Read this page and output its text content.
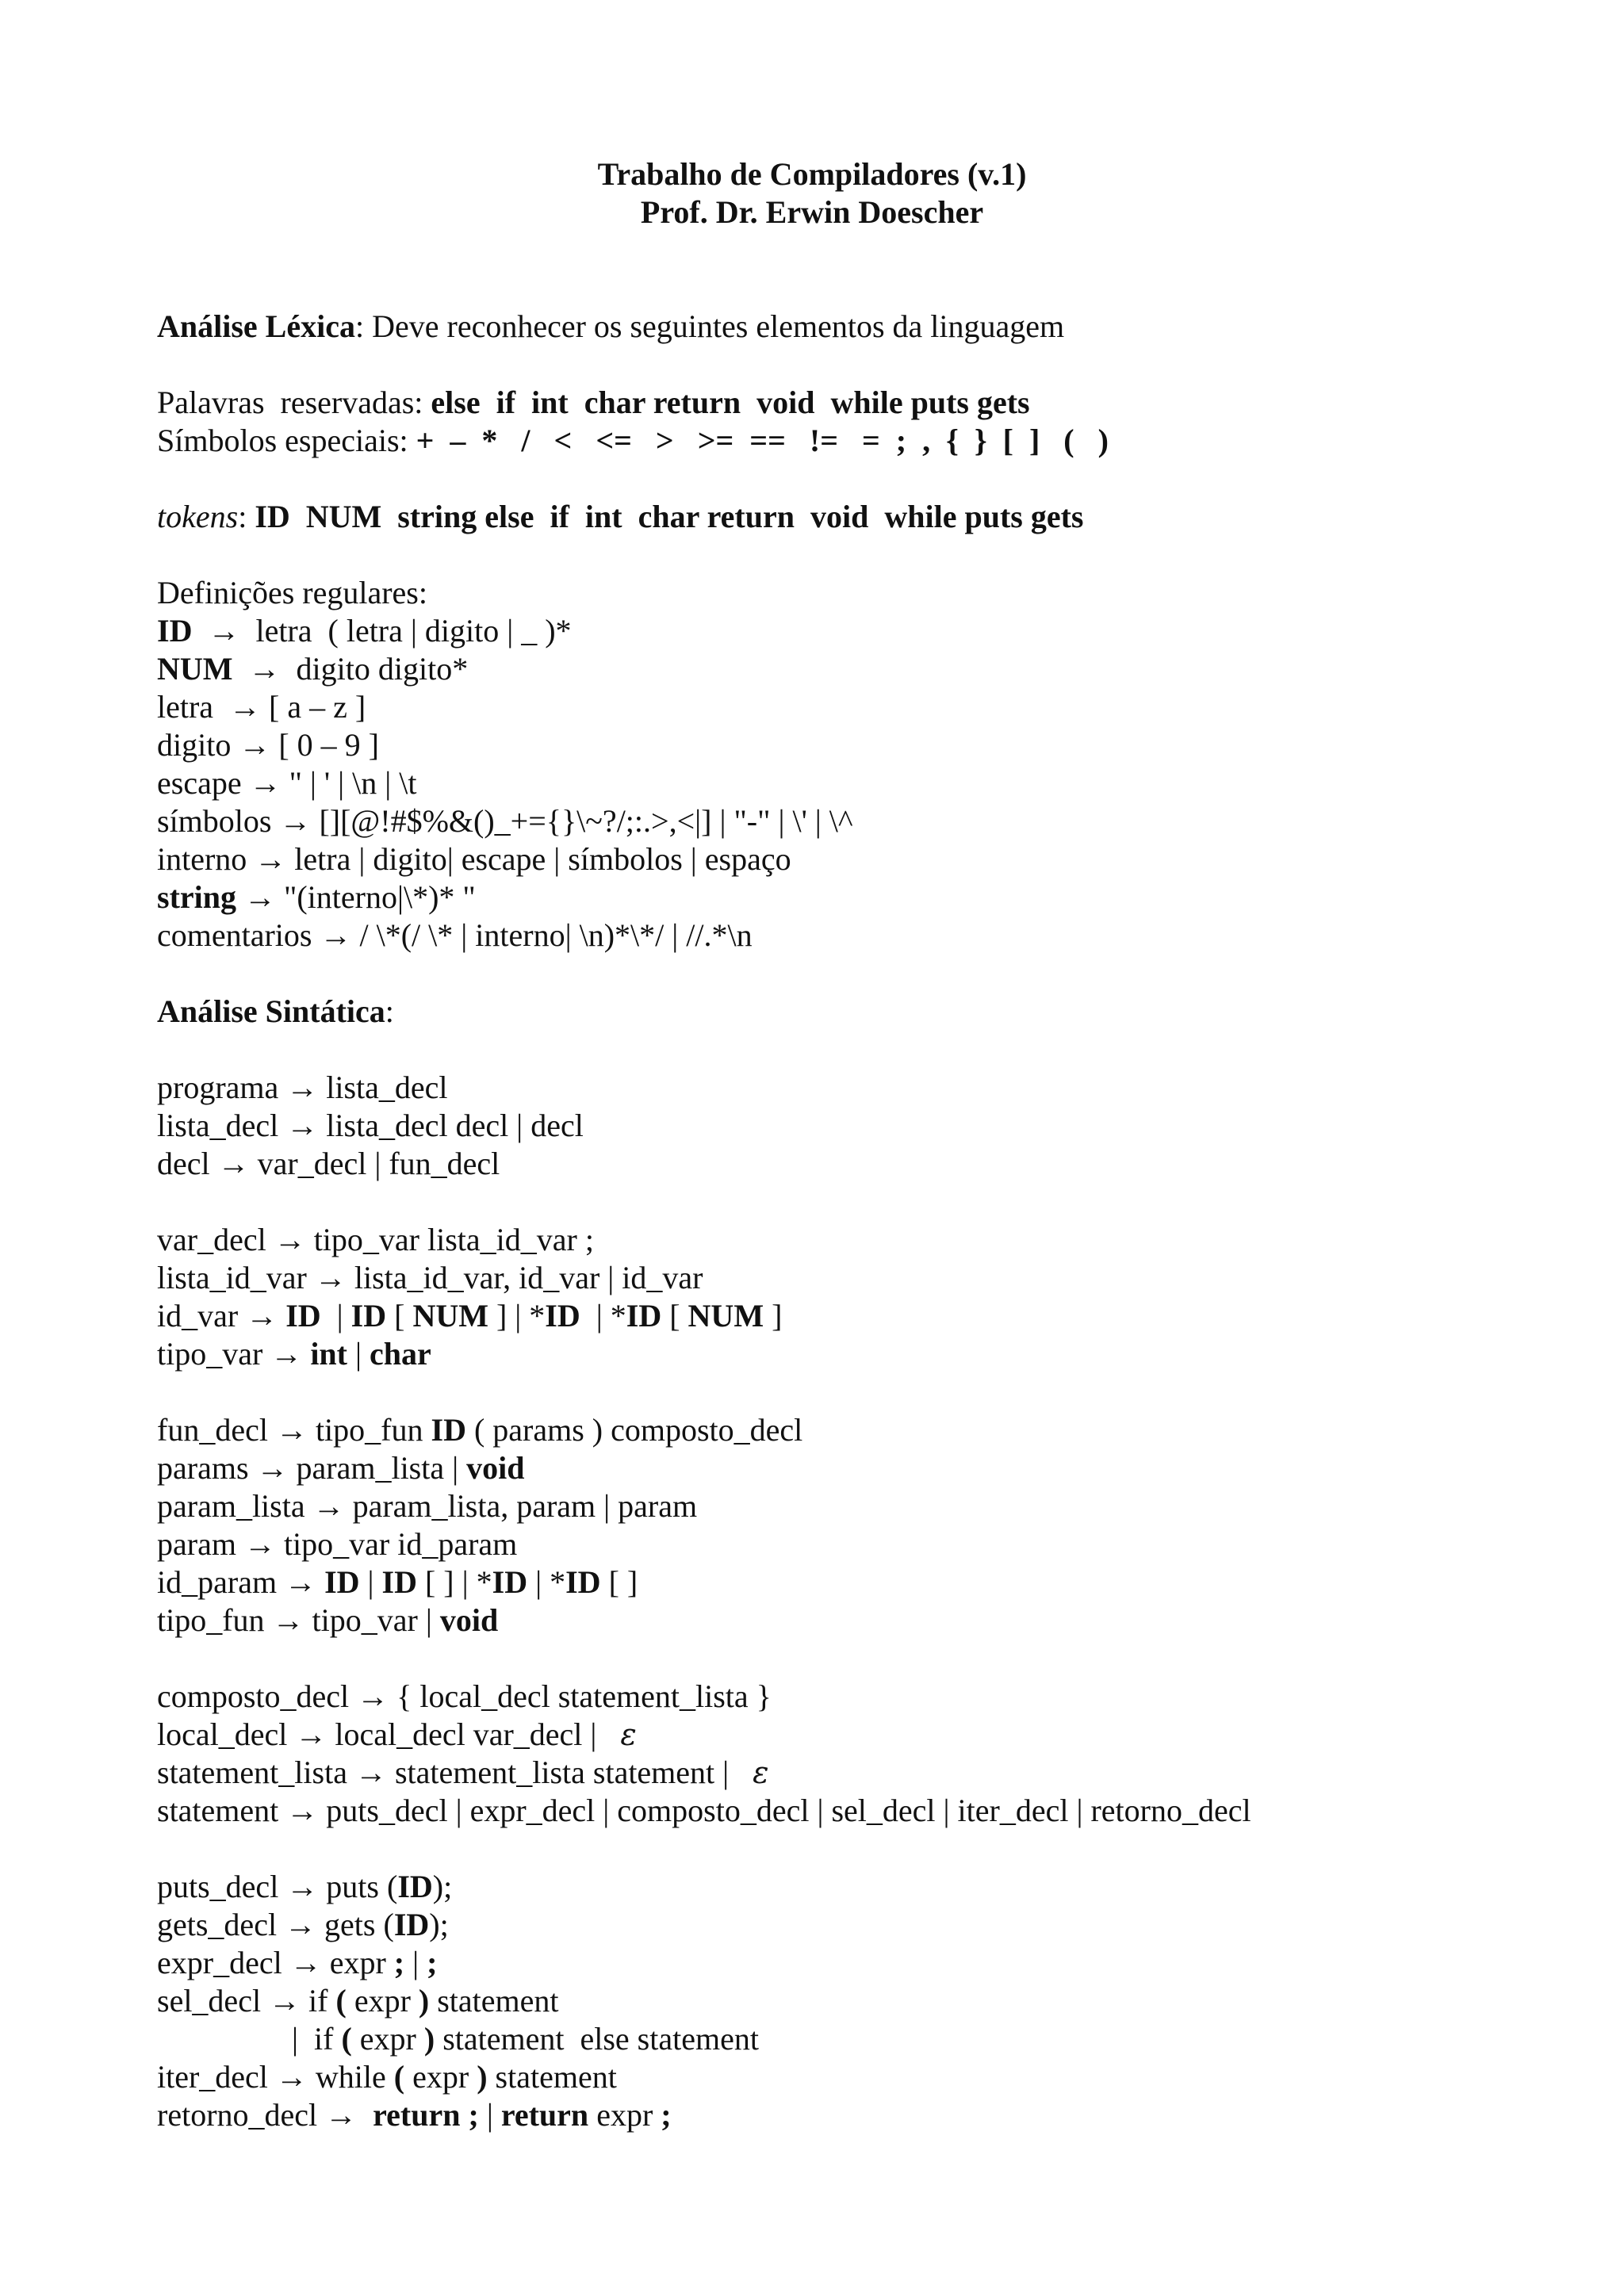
Trabalho de Compiladores (v.1)
Prof. Dr. Erwin Doescher
Análise Léxica: Deve reconhecer os seguintes elementos da linguagem
Palavras  reservadas: else  if  int  char return  void  while puts gets
Símbolos especiais: +  –  *   /   <   <=   >   >=  ==   !=   =  ;  ,  {  }  [  ]   (   )
tokens: ID  NUM  string else  if  int  char return  void  while puts gets
Definições regulares:
ID  →  letra  ( letra | digito | _ )*
NUM  →  digito digito*
letra  → [ a – z ]
digito → [ 0 – 9 ]
escape → " | ' | \n | \t
símbolos → [][@!#$%&()_+={}\~?/;:.>,<|] | "-" | \' | \^
interno → letra | digito| escape | símbolos | espaço
string → "(interno|\*)* "
comentarios → / \*(/ \* | interno| \n)*\*/ | //.*\n
Análise Sintática:
programa → lista_decl
lista_decl → lista_decl decl | decl
decl → var_decl | fun_decl
var_decl → tipo_var lista_id_var ;
lista_id_var → lista_id_var, id_var | id_var
id_var → ID  | ID [ NUM ] | *ID  | *ID [ NUM ]
tipo_var → int | char
fun_decl → tipo_fun ID ( params ) composto_decl
params → param_lista | void
param_lista → param_lista, param | param
param → tipo_var id_param
id_param → ID | ID [ ] | *ID | *ID [ ]
tipo_fun → tipo_var | void
composto_decl → { local_decl statement_lista }
local_decl → local_decl var_decl |   ε
statement_lista → statement_lista statement |   ε
statement → puts_decl | expr_decl | composto_decl | sel_decl | iter_decl | retorno_decl
puts_decl → puts (ID);
gets_decl → gets (ID);
expr_decl → expr ; | ;
sel_decl → if ( expr ) statement
|  if ( expr ) statement  else statement
iter_decl → while ( expr ) statement
retorno_decl →  return ; | return expr ;
